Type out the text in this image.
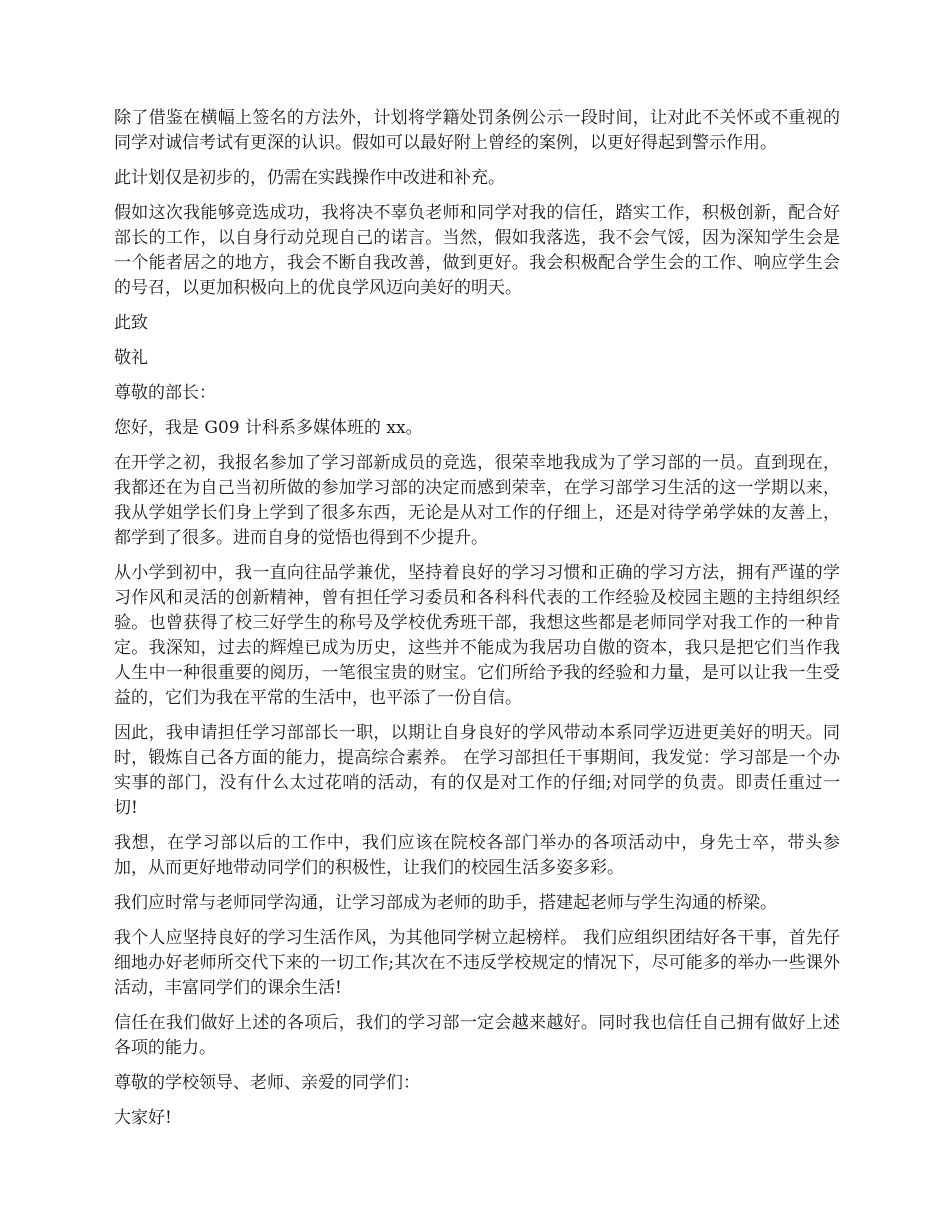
除了借鉴在横幅上签名的方法外，计划将学籍处罚条例公示一段时间，让对此不关怀或不重视的同学对诚信考试有更深的认识。假如可以最好附上曾经的案例，以更好得起到警示作用。

此计划仅是初步的，仍需在实践操作中改进和补充。

假如这次我能够竞选成功，我将决不辜负老师和同学对我的信任，踏实工作，积极创新，配合好部长的工作，以自身行动兑现自己的诺言。当然，假如我落选，我不会气馁，因为深知学生会是一个能者居之的地方，我会不断自我改善，做到更好。我会积极配合学生会的工作、响应学生会的号召，以更加积极向上的优良学风迈向美好的明天。

此致

敬礼

尊敬的部长：

您好，我是 G09 计科系多媒体班的 xx。

在开学之初，我报名参加了学习部新成员的竞选，很荣幸地我成为了学习部的一员。直到现在，我都还在为自己当初所做的参加学习部的决定而感到荣幸，在学习部学习生活的这一学期以来，我从学姐学长们身上学到了很多东西，无论是从对工作的仔细上，还是对待学弟学妹的友善上，都学到了很多。进而自身的觉悟也得到不少提升。

从小学到初中，我一直向往品学兼优，坚持着良好的学习习惯和正确的学习方法，拥有严谨的学习作风和灵活的创新精神，曾有担任学习委员和各科科代表的工作经验及校园主题的主持组织经验。也曾获得了校三好学生的称号及学校优秀班干部，我想这些都是老师同学对我工作的一种肯定。我深知，过去的辉煌已成为历史，这些并不能成为我居功自傲的资本，我只是把它们当作我人生中一种很重要的阅历，一笔很宝贵的财宝。它们所给予我的经验和力量，是可以让我一生受益的，它们为我在平常的生活中，也平添了一份自信。

因此，我申请担任学习部部长一职，以期让自身良好的学风带动本系同学迈进更美好的明天。同时，锻炼自己各方面的能力，提高综合素养。 在学习部担任干事期间，我发觉：学习部是一个办实事的部门，没有什么太过花哨的活动，有的仅是对工作的仔细;对同学的负责。即责任重过一切!

我想，在学习部以后的工作中，我们应该在院校各部门举办的各项活动中，身先士卒，带头参加，从而更好地带动同学们的积极性，让我们的校园生活多姿多彩。

我们应时常与老师同学沟通，让学习部成为老师的助手，搭建起老师与学生沟通的桥梁。

我个人应坚持良好的学习生活作风，为其他同学树立起榜样。 我们应组织团结好各干事，首先仔细地办好老师所交代下来的一切工作;其次在不违反学校规定的情况下，尽可能多的举办一些课外活动，丰富同学们的课余生活!

信任在我们做好上述的各项后，我们的学习部一定会越来越好。同时我也信任自己拥有做好上述各项的能力。

尊敬的学校领导、老师、亲爱的同学们：

大家好!
